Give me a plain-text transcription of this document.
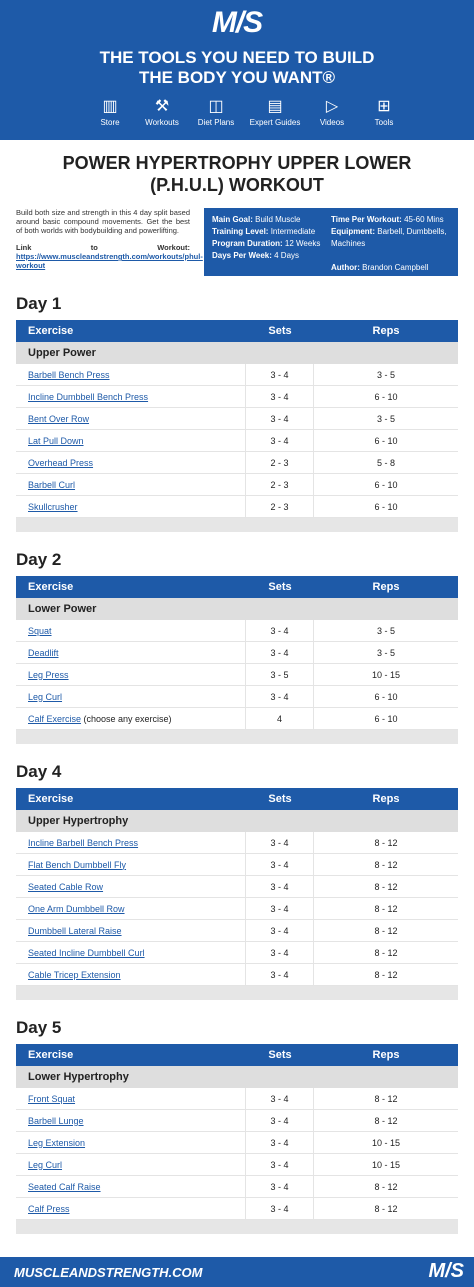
M/S
THE TOOLS YOU NEED TO BUILD
THE BODY YOU WANT®
▥
Store
⚒
Workouts
◫
Diet Plans
▤
Expert Guides
▷
Videos
⊞
Tools
POWER HYPERTROPHY UPPER LOWER
(P.H.U.L) WORKOUT
Build both size and strength in this 4 day split based around basic compound movements. Get the best of both worlds with bodybuilding and powerlifting.
Link to Workout: https://www.muscleandstrength.com/workouts/phul-workout
Main Goal: Build Muscle
Training Level: Intermediate
Program Duration: 12 Weeks
Days Per Week: 4 Days
Time Per Workout: 45-60 Mins
Equipment: Barbell, Dumbbells, Machines
Author: Brandon Campbell
Day 1
Exercise	Sets	Reps
Upper Power
Barbell Bench Press	3 - 4	3 - 5
Incline Dumbbell Bench Press	3 - 4	6 - 10
Bent Over Row	3 - 4	3 - 5
Lat Pull Down	3 - 4	6 - 10
Overhead Press	2 - 3	5 - 8
Barbell Curl	2 - 3	6 - 10
Skullcrusher	2 - 3	6 - 10
Day 2
Exercise	Sets	Reps
Lower Power
Squat	3 - 4	3 - 5
Deadlift	3 - 4	3 - 5
Leg Press	3 - 5	10 - 15
Leg Curl	3 - 4	6 - 10
Calf Exercise (choose any exercise)	4	6 - 10
Day 4
Exercise	Sets	Reps
Upper Hypertrophy
Incline Barbell Bench Press	3 - 4	8 - 12
Flat Bench Dumbbell Fly	3 - 4	8 - 12
Seated Cable Row	3 - 4	8 - 12
One Arm Dumbbell Row	3 - 4	8 - 12
Dumbbell Lateral Raise	3 - 4	8 - 12
Seated Incline Dumbbell Curl	3 - 4	8 - 12
Cable Tricep Extension	3 - 4	8 - 12
Day 5
Exercise	Sets	Reps
Lower Hypertrophy
Front Squat	3 - 4	8 - 12
Barbell Lunge	3 - 4	8 - 12
Leg Extension	3 - 4	10 - 15
Leg Curl	3 - 4	10 - 15
Seated Calf Raise	3 - 4	8 - 12
Calf Press	3 - 4	8 - 12
MUSCLEANDSTRENGTH.COM	M/S
